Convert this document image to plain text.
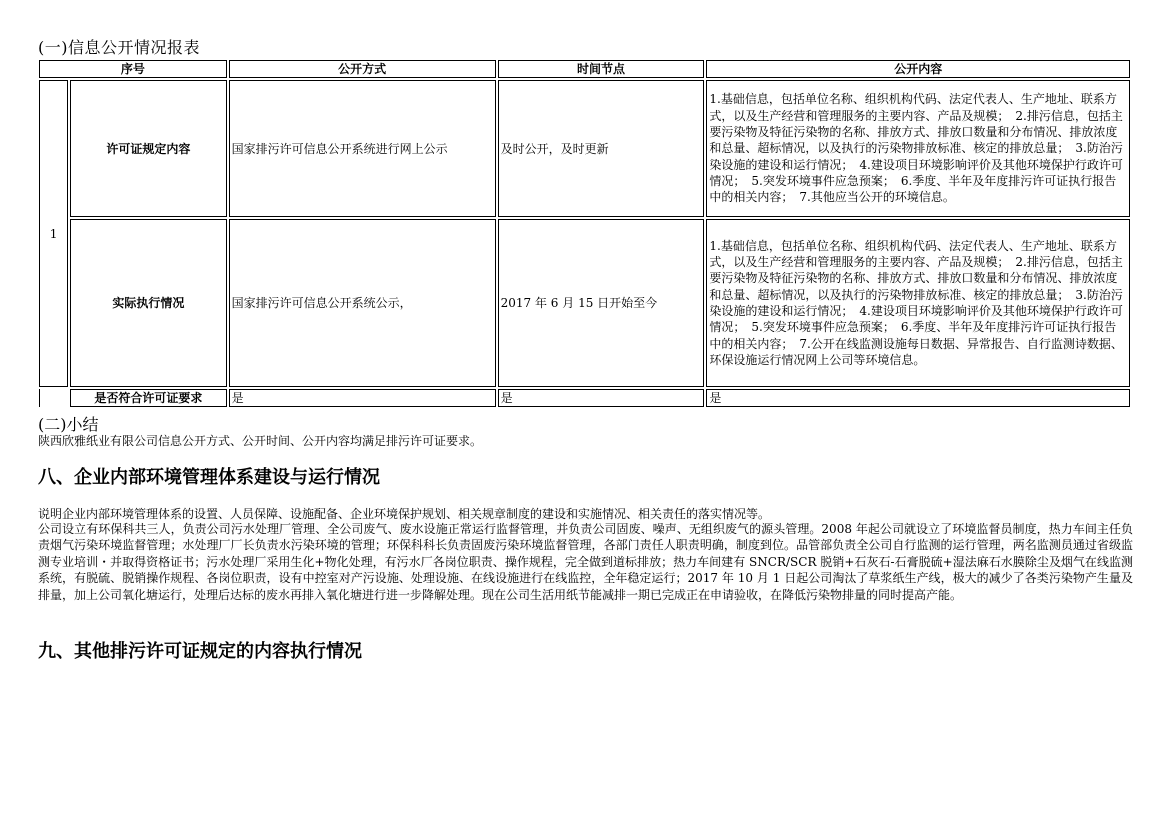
(一)信息公开情况报表
序号		公开方式	时间节点	公开内容
1	许可证规定内容	国家排污许可信息公开系统进行网上公示	及时公开，及时更新	1.基础信息，包括单位名称、组织机构代码、法定代表人、生产地址、联系方式，以及生产经营和管理服务的主要内容、产品及规模；　2.排污信息，包括主要污染物及特征污染物的名称、排放方式、排放口数量和分布情况、排放浓度和总量、超标情况，以及执行的污染物排放标准、核定的排放总量；　3.防治污染设施的建设和运行情况；　4.建设项目环境影响评价及其他环境保护行政许可情况；　5.突发环境事件应急预案；　6.季度、半年及年度排污许可证执行报告中的相关内容；　7.其他应当公开的环境信息。
	实际执行情况	国家排污许可信息公开系统公示，	2017 年 6 月 15 日开始至今	1.基础信息，包括单位名称、组织机构代码、法定代表人、生产地址、联系方式，以及生产经营和管理服务的主要内容、产品及规模；　2.排污信息，包括主要污染物及特征污染物的名称、排放方式、排放口数量和分布情况、排放浓度和总量、超标情况，以及执行的污染物排放标准、核定的排放总量；　3.防治污染设施的建设和运行情况；　4.建设项目环境影响评价及其他环境保护行政许可情况；　5.突发环境事件应急预案；　6.季度、半年及年度排污许可证执行报告中的相关内容；　7.公开在线监测设施每日数据、异常报告、自行监测诗数据、环保设施运行情况网上公司等环境信息。
	是否符合许可证要求	是	是	是
(二)小结
陕西欣雅纸业有限公司信息公开方式、公开时间、公开内容均满足排污许可证要求。
八、企业内部环境管理体系建设与运行情况
说明企业内部环境管理体系的设置、人员保障、设施配备、企业环境保护规划、相关规章制度的建设和实施情况、相关责任的落实情况等。
公司设立有环保科共三人，负责公司污水处理厂管理、全公司废气、废水设施正常运行监督管理，并负责公司固废、噪声、无组织废气的源头管理。2008 年起公司就设立了环境监督员制度，热力车间主任负责烟气污染环境监督管理；水处理厂厂长负责水污染环境的管理；环保科科长负责固废污染环境监督管理，各部门责任人职责明确，制度到位。品管部负责全公司自行监测的运行管理，两名监测员通过省级监测专业培训・并取得资格证书；污水处理厂采用生化+物化处理，有污水厂各岗位职责、操作规程，完全做到道标排放；热力车间建有 SNCR/SCR 脱销+石灰石-石膏脱硫+湿法麻石水膜除尘及烟气在线监测系统，有脱硫、脱销操作规程、各岗位职责，设有中控室对产污设施、处理设施、在线设施进行在线监控，全年稳定运行；2017 年 10 月 1 日起公司淘汰了草浆纸生产线，极大的减少了各类污染物产生量及排量，加上公司氧化塘运行，处理后达标的废水再排入氧化塘进行进一步降解处理。现在公司生活用纸节能减排一期已完成正在申请验收，在降低污染物排量的同时提高产能。
九、其他排污许可证规定的内容执行情况
